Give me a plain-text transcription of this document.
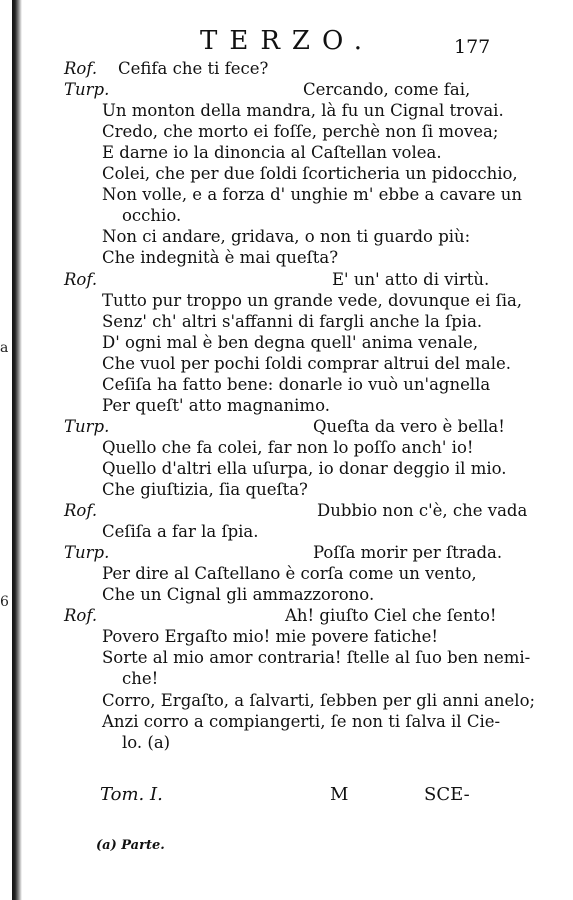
a
6
TERZO.	177
Rof. Cefifa che ti fece?
Turp.	Cercando, come fai,
Un monton della mandra, là fu un Cignal trovai.
Credo, che morto ei foſſe, perchè non ſi movea;
E darne io la dinoncia al Caſtellan volea.
Colei, che per due ſoldi ſcorticheria un pidocchio,
Non volle, e a forza d' unghie m' ebbe a cavare un
occhio.
Non ci andare, gridava, o non ti guardo più:
Che indegnità è mai queſta?
Rof.	E' un' atto di virtù.
Tutto pur troppo un grande vede, dovunque ei ſia,
Senz' ch' altri s'affanni di fargli anche la ſpia.
D' ogni mal è ben degna quell' anima venale,
Che vuol per pochi ſoldi comprar altrui del male.
Ceſiſa ha fatto bene: donarle io vuò un'agnella
Per queſt' atto magnanimo.
Turp.	Queſta da vero è bella!
Quello che fa colei, far non lo poſſo anch' io!
Quello d'altri ella uſurpa, io donar deggio il mio.
Che giuſtizia, ſia queſta?
Rof.	Dubbio non c'è, che vada
Ceſiſa a far la ſpia.
Turp.	Poſſa morir per ſtrada.
Per dire al Caſtellano è corſa come un vento,
Che un Cignal gli ammazzorono.
Rof.	Ah! giuſto Ciel che ſento!
Povero Ergaſto mio! mie povere fatiche!
Sorte al mio amor contraria! ſtelle al ſuo ben nemi-
che!
Corro, Ergaſto, a ſalvarti, ſebben per gli anni anelo;
Anzi corro a compiangerti, ſe non ti ſalva il Cie-
lo. (a)
Tom. I.	M	SCE-
(a) Parte.
